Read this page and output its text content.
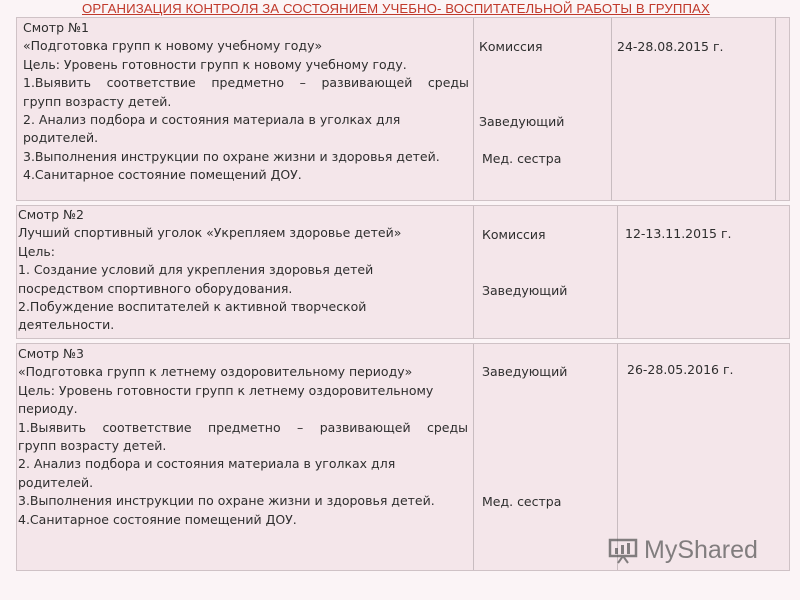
ОРГАНИЗАЦИЯ КОНТРОЛЯ ЗА СОСТОЯНИЕМ УЧЕБНО- ВОСПИТАТЕЛЬНОЙ РАБОТЫ В ГРУППАХ
Смотр №1
«Подготовка групп к новому учебному году»
Цель: Уровень готовности групп к новому учебному году.
1.Выявить соответствие предметно – развивающей среды
групп возрасту детей.
2. Анализ подбора и состояния материала в уголках для
родителей.
3.Выполнения инструкции по охране жизни и здоровья детей.
4.Санитарное состояние помещений ДОУ.
Комиссия
Заведующий
Мед. сестра
24-28.08.2015 г.
Смотр №2
Лучший спортивный уголок «Укрепляем здоровье детей»
Цель:
1. Создание условий для укрепления здоровья детей
посредством спортивного оборудования.
2.Побуждение воспитателей к активной творческой
деятельности.
Комиссия
Заведующий
12-13.11.2015 г.
Смотр №3
«Подготовка групп к летнему оздоровительному периоду»
Цель: Уровень готовности групп к летнему оздоровительному
периоду.
1.Выявить соответствие предметно – развивающей среды
групп возрасту детей.
2. Анализ подбора и состояния материала в уголках для
родителей.
3.Выполнения инструкции по охране жизни и здоровья детей.
4.Санитарное состояние помещений ДОУ.
Заведующий
Мед. сестра
26-28.05.2016 г.
MyShared
